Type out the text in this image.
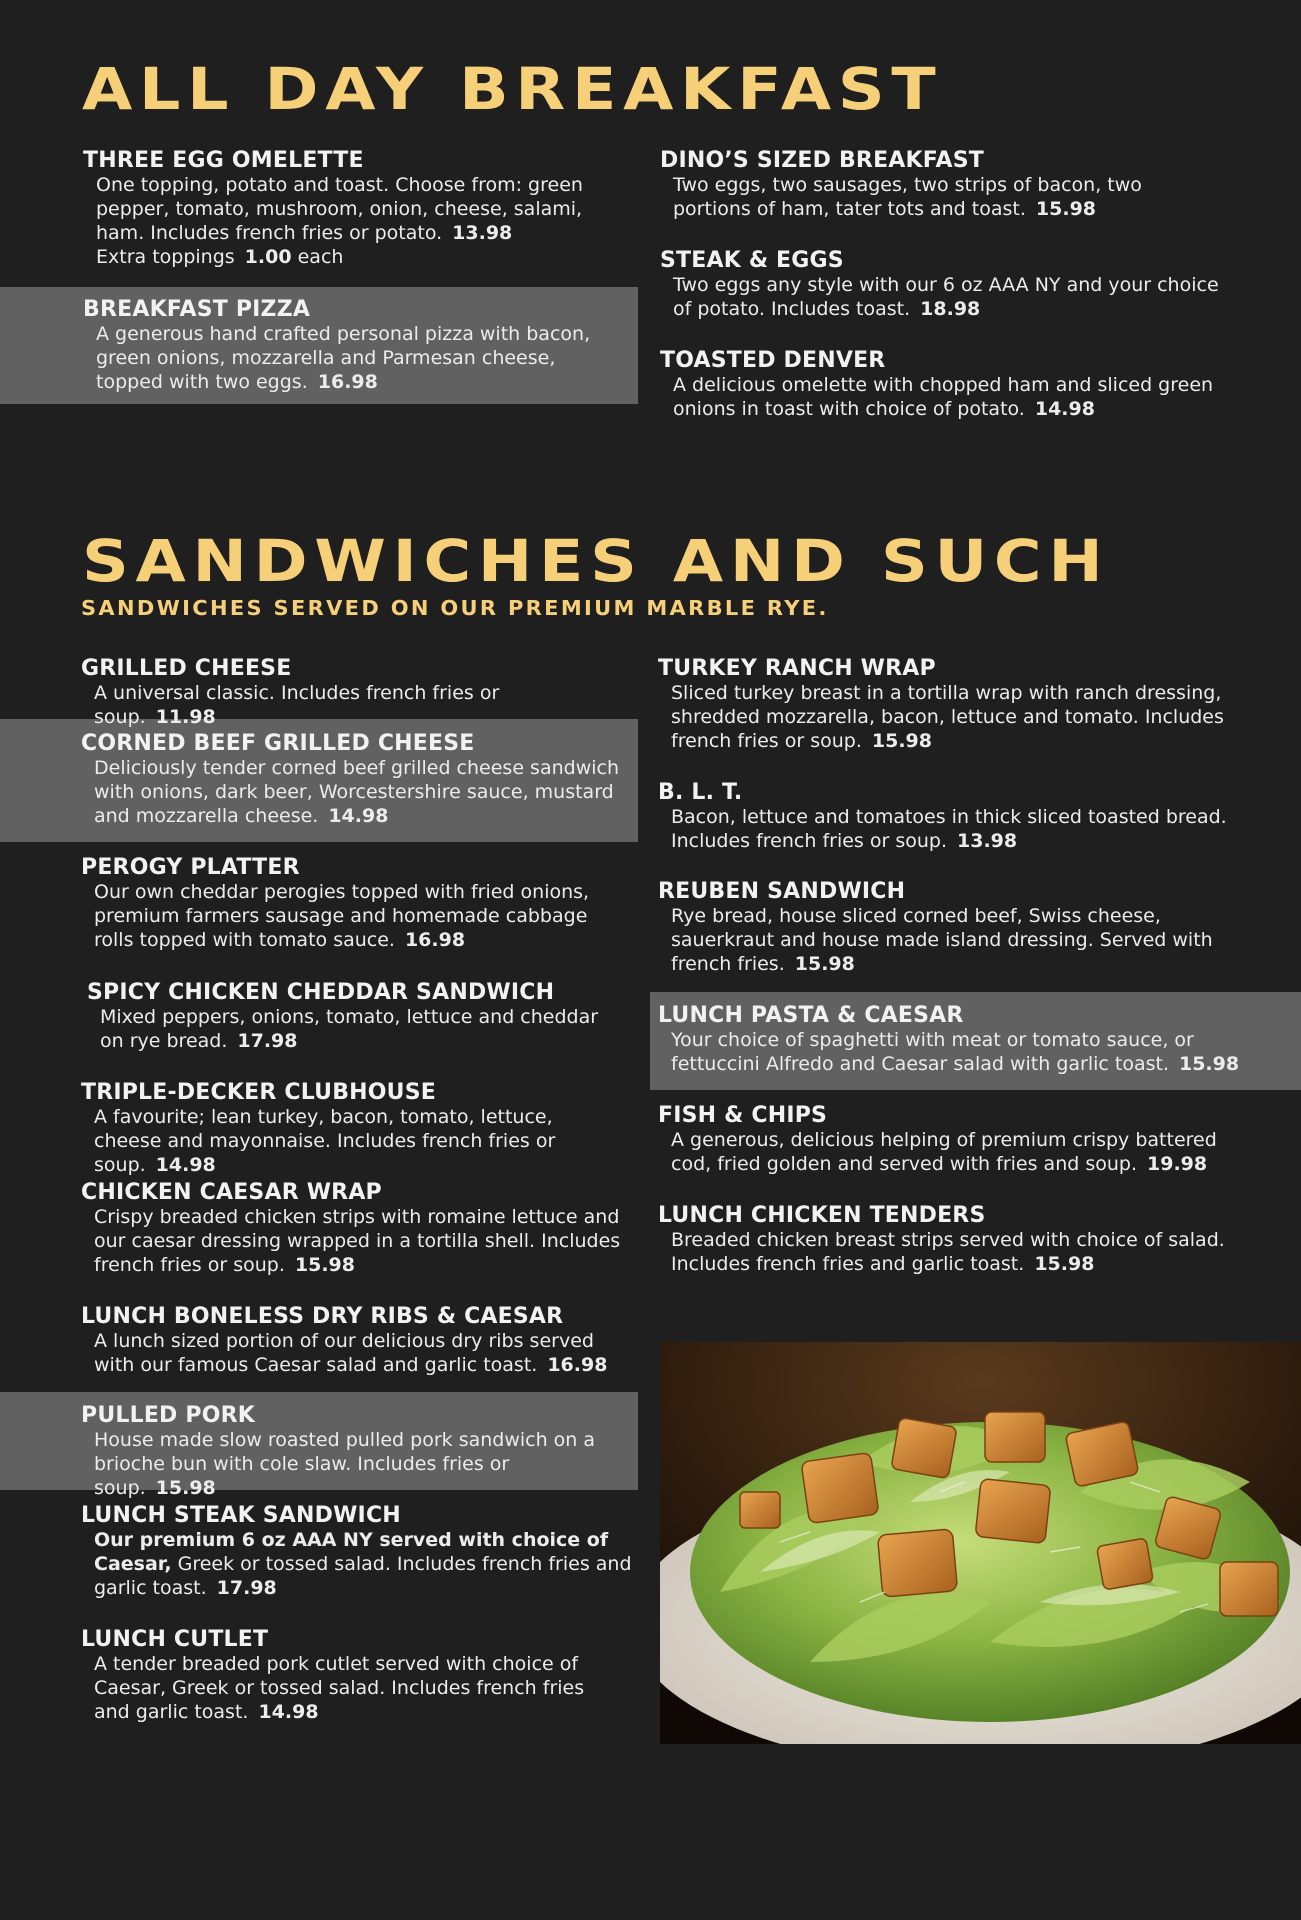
ALL DAY BREAKFAST
THREE EGG OMELETTE
One topping, potato and toast. Choose from: green pepper, tomato, mushroom, onion, cheese, salami, ham. Includes french fries or potato. 13.98
Extra toppings 1.00 each
BREAKFAST PIZZA
A generous hand crafted personal pizza with bacon, green onions, mozzarella and Parmesan cheese, topped with two eggs. 16.98
DINO’S SIZED BREAKFAST
Two eggs, two sausages, two strips of bacon, two portions of ham, tater tots and toast. 15.98
STEAK & EGGS
Two eggs any style with our 6 oz AAA NY and your choice of potato. Includes toast. 18.98
TOASTED DENVER
A delicious omelette with chopped ham and sliced green onions in toast with choice of potato. 14.98
SANDWICHES AND SUCH

SANDWICHES SERVED ON OUR PREMIUM MARBLE RYE.

GRILLED CHEESE
A universal classic. Includes french fries or soup. 11.98
CORNED BEEF GRILLED CHEESE
Deliciously tender corned beef grilled cheese sandwich with onions, dark beer, Worcestershire sauce, mustard and mozzarella cheese. 14.98
PEROGY PLATTER
Our own cheddar perogies topped with fried onions, premium farmers sausage and homemade cabbage rolls topped with tomato sauce. 16.98
SPICY CHICKEN CHEDDAR SANDWICH
Mixed peppers, onions, tomato, lettuce and cheddar on rye bread. 17.98
TRIPLE-DECKER CLUBHOUSE
A favourite; lean turkey, bacon, tomato, lettuce, cheese and mayonnaise. Includes french fries or soup. 14.98
CHICKEN CAESAR WRAP
Crispy breaded chicken strips with romaine lettuce and our caesar dressing wrapped in a tortilla shell. Includes french fries or soup. 15.98
LUNCH BONELESS DRY RIBS & CAESAR
A lunch sized portion of our delicious dry ribs served with our famous Caesar salad and garlic toast. 16.98
PULLED PORK
House made slow roasted pulled pork sandwich on a brioche bun with cole slaw. Includes fries or soup. 15.98
LUNCH STEAK SANDWICH
Our premium 6 oz AAA NY served with choice of Caesar, Greek or tossed salad. Includes french fries and garlic toast. 17.98
LUNCH CUTLET
A tender breaded pork cutlet served with choice of Caesar, Greek or tossed salad. Includes french fries and garlic toast. 14.98
TURKEY RANCH WRAP
Sliced turkey breast in a tortilla wrap with ranch dressing, shredded mozzarella, bacon, lettuce and tomato. Includes french fries or soup. 15.98
B. L. T.
Bacon, lettuce and tomatoes in thick sliced toasted bread. Includes french fries or soup. 13.98
REUBEN SANDWICH
Rye bread, house sliced corned beef, Swiss cheese, sauerkraut and house made island dressing. Served with french fries. 15.98
LUNCH PASTA & CAESAR
Your choice of spaghetti with meat or tomato sauce, or fettuccini Alfredo and Caesar salad with garlic toast. 15.98
FISH & CHIPS
A generous, delicious helping of premium crispy battered cod, fried golden and served with fries and soup. 19.98
LUNCH CHICKEN TENDERS
Breaded chicken breast strips served with choice of salad. Includes french fries and garlic toast. 15.98
